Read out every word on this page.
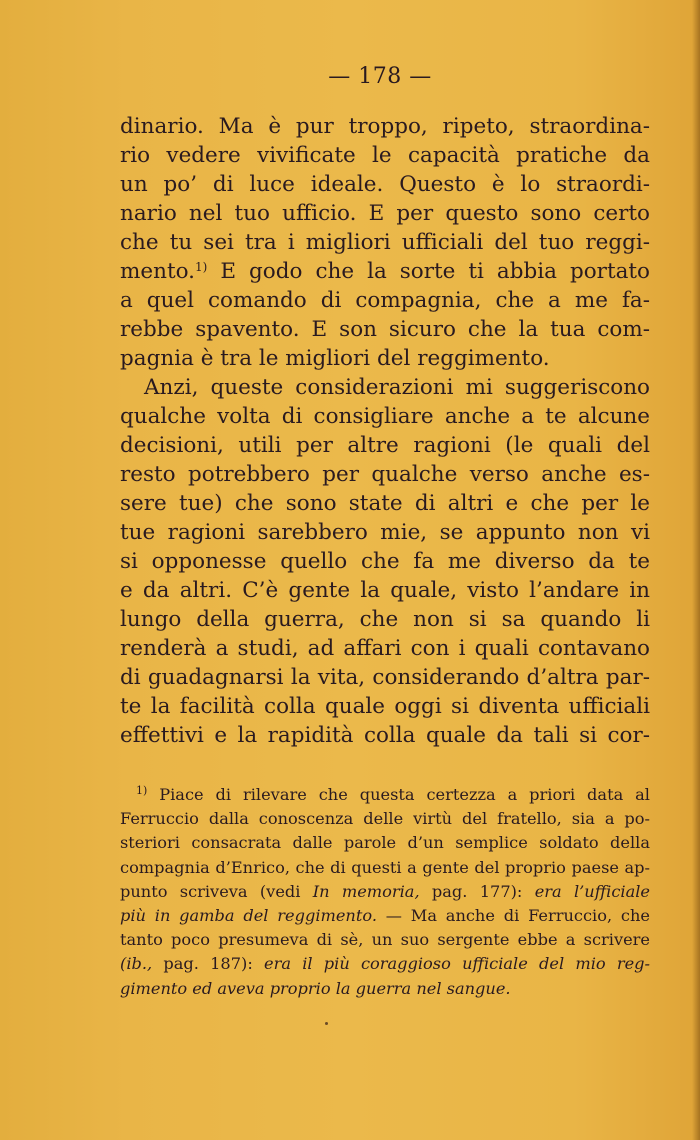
— 178 —
dinario. Ma è pur troppo, ripeto, straordina-
rio vedere vivificate le capacità pratiche da
un po’ di luce ideale. Questo è lo straordi-
nario nel tuo ufficio. E per questo sono certo
che tu sei tra i migliori ufficiali del tuo reggi-
mento.$^{1)}$ E godo che la sorte ti abbia portato
a quel comando di compagnia, che a me fa-
rebbe spavento. E son sicuro che la tua com-
pagnia è tra le migliori del reggimento.
Anzi, queste considerazioni mi suggeriscono
qualche volta di consigliare anche a te alcune
decisioni, utili per altre ragioni (le quali del
resto potrebbero per qualche verso anche es-
sere tue) che sono state di altri e che per le
tue ragioni sarebbero mie, se appunto non vi
si opponesse quello che fa me diverso da te
e da altri. C’è gente la quale, visto l’andare in
lungo della guerra, che non si sa quando li
renderà a studi, ad affari con i quali contavano
di guadagnarsi la vita, considerando d’altra par-
te la facilità colla quale oggi si diventa ufficiali
effettivi e la rapidità colla quale da tali si cor-
$^{1)}$ Piace di rilevare che questa certezza a priori data al
Ferruccio dalla conoscenza delle virtù del fratello, sia a po-
steriori consacrata dalle parole d’un semplice soldato della
compagnia d’Enrico, che di questi a gente del proprio paese ap-
punto scriveva (vedi In memoria, pag. 177): era l’ufficiale
più in gamba del reggimento. — Ma anche di Ferruccio, che
tanto poco presumeva di sè, un suo sergente ebbe a scrivere
(ib., pag. 187): era il più coraggioso ufficiale del mio reg-
gimento ed aveva proprio la guerra nel sangue.
